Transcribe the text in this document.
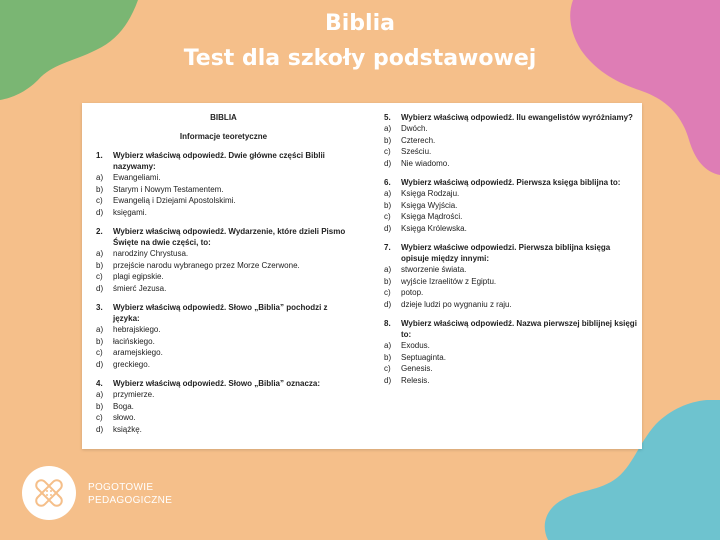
Biblia
Test dla szkoły podstawowej
BIBLIA
Informacje teoretyczne
1.	Wybierz właściwą odpowiedź. Dwie główne części Biblii nazywamy:
a)	Ewangeliami.
b)	Starym i Nowym Testamentem.
c)	Ewangelią i Dziejami Apostolskimi.
d)	księgami.
2.	Wybierz właściwą odpowiedź. Wydarzenie, które dzieli Pismo Święte na dwie części, to:
a)	narodziny Chrystusa.
b)	przejście narodu wybranego przez Morze Czerwone.
c)	plagi egipskie.
d)	śmierć Jezusa.
3.	Wybierz właściwą odpowiedź. Słowo „Biblia” pochodzi z języka:
a)	hebrajskiego.
b)	łacińskiego.
c)	aramejskiego.
d)	greckiego.
4.	Wybierz właściwą odpowiedź. Słowo „Biblia” oznacza:
a)	przymierze.
b)	Boga.
c)	słowo.
d)	książkę.
5.	Wybierz właściwą odpowiedź. Ilu ewangelistów wyróżniamy?
a)	Dwóch.
b)	Czterech.
c)	Sześciu.
d)	Nie wiadomo.
6.	Wybierz właściwą odpowiedź. Pierwsza księga biblijna to:
a)	Księga Rodzaju.
b)	Księga Wyjścia.
c)	Księga Mądrości.
d)	Księga Królewska.
7.	Wybierz właściwe odpowiedzi. Pierwsza biblijna księga opisuje między innymi:
a)	stworzenie świata.
b)	wyjście Izraelitów z Egiptu.
c)	potop.
d)	dzieje ludzi po wygnaniu z raju.
8.	Wybierz właściwą odpowiedź. Nazwa pierwszej biblijnej księgi to:
a)	Exodus.
b)	Septuaginta.
c)	Genesis.
d)	Relesis.
POGOTOWIE
PEDAGOGICZNE
